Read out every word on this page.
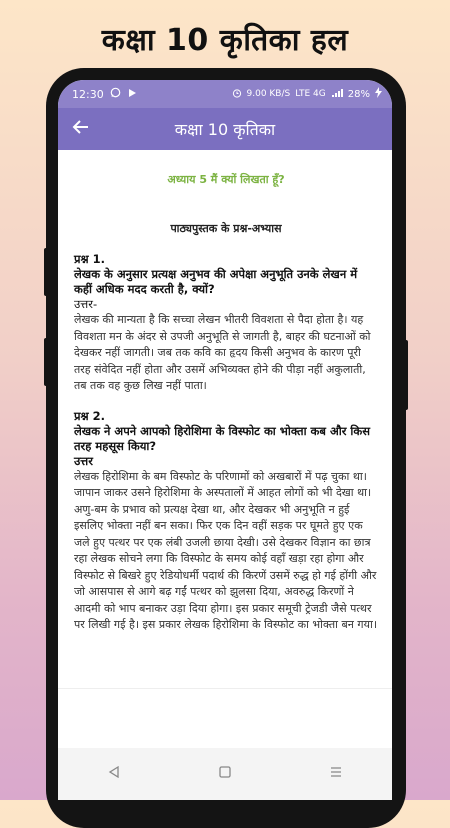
कक्षा 10 कृतिका हल
12:30	9.00 KB/S LTE 4G 28%
कक्षा 10 कृतिका
अध्याय 5 मैं क्यों लिखता हूँ?
पाठ्यपुस्तक के प्रश्न-अभ्यास
प्रश्न 1.
लेखक के अनुसार प्रत्यक्ष अनुभव की अपेक्षा अनुभूति उनके लेखन में कहीं अधिक मदद करती है, क्यों?
उत्तर-
लेखक की मान्यता है कि सच्चा लेखन भीतरी विवशता से पैदा होता है। यह विवशता मन के अंदर से उपजी अनुभूति से जागती है, बाहर की घटनाओं को देखकर नहीं जागती। जब तक कवि का हृदय किसी अनुभव के कारण पूरी तरह संवेदित नहीं होता और उसमें अभिव्यक्त होने की पीड़ा नहीं अकुलाती, तब तक वह कुछ लिख नहीं पाता।
प्रश्न 2.
लेखक ने अपने आपको हिरोशिमा के विस्फोट का भोक्ता कब और किस तरह महसूस किया?
उत्तर
लेखक हिरोशिमा के बम विस्फोट के परिणामों को अखबारों में पढ़ चुका था। जापान जाकर उसने हिरोशिमा के अस्पतालों में आहत लोगों को भी देखा था। अणु-बम के प्रभाव को प्रत्यक्ष देखा था, और देखकर भी अनुभूति न हुई इसलिए भोक्ता नहीं बन सका। फिर एक दिन वहीं सड़क पर घूमते हुए एक जले हुए पत्थर पर एक लंबी उजली छाया देखी। उसे देखकर विज्ञान का छात्र रहा लेखक सोचने लगा कि विस्फोट के समय कोई वहाँ खड़ा रहा होगा और विस्फोट से बिखरे हुए रेडियोधर्मी पदार्थ की किरणें उसमें रुद्ध हो गई होंगी और जो आसपास से आगे बढ़ गईं पत्थर को झुलसा दिया, अवरुद्ध किरणों ने आदमी को भाप बनाकर उड़ा दिया होगा। इस प्रकार समूची ट्रेजडी जैसे पत्थर पर लिखी गई है। इस प्रकार लेखक हिरोशिमा के विस्फोट का भोक्ता बन गया।
